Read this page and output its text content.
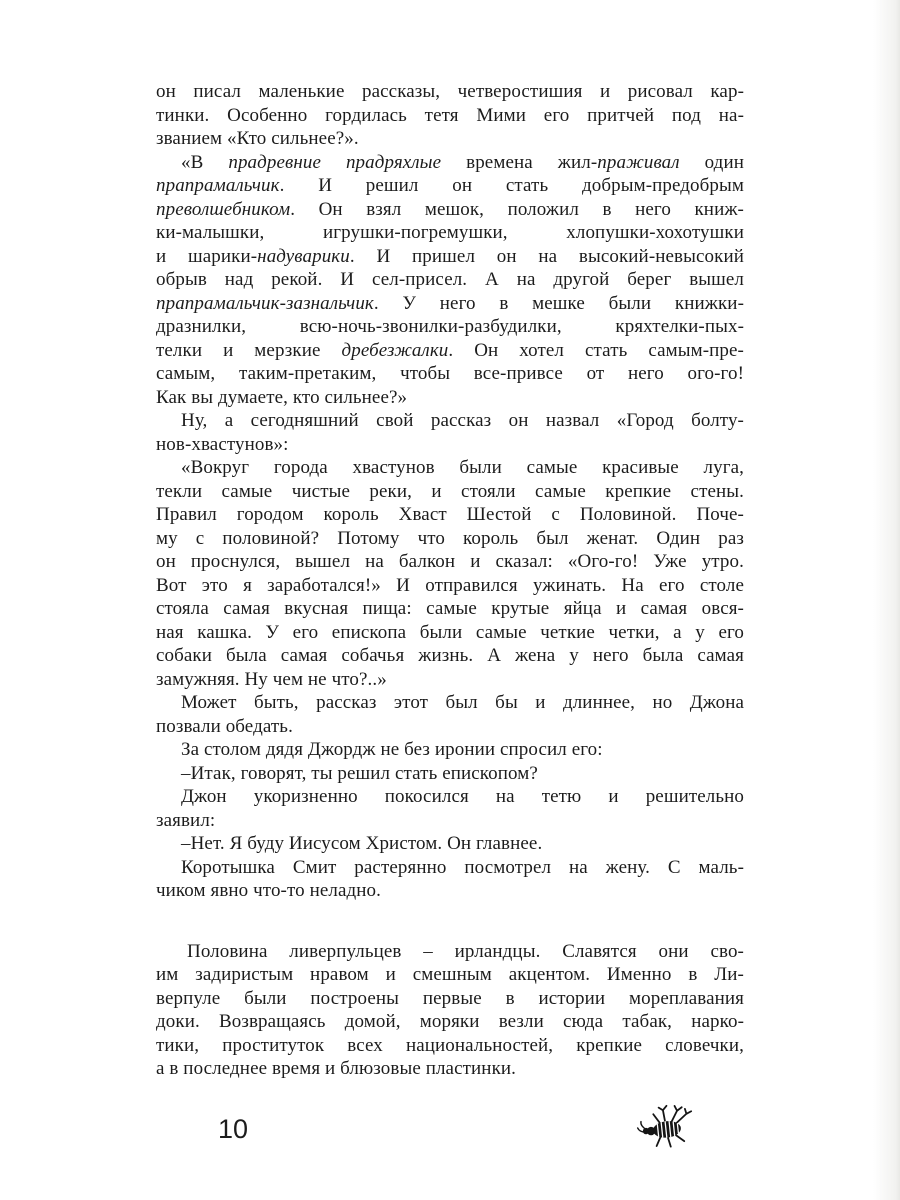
он писал маленькие рассказы, четверостишия и рисовал кар-
тинки. Особенно гордилась тетя Мими его притчей под на-
званием «Кто сильнее?».
«В прадревние прадряхлые времена жил-праживал один
прапрамальчик. И решил он стать добрым-предобрым
преволшебником. Он взял мешок, положил в него книж-
ки-малышки, игрушки-погремушки, хлопушки-хохотушки
и шарики-надуварики. И пришел он на высокий-невысокий
обрыв над рекой. И сел-присел. А на другой берег вышел
прапрамальчик-зазнальчик. У него в мешке были книжки-
дразнилки, всю-ночь-звонилки-разбудилки, кряхтелки-пых-
телки и мерзкие дребезжалки. Он хотел стать самым-пре-
самым, таким-претаким, чтобы все-привсе от него ого-го!
Как вы думаете, кто сильнее?»
Ну, а сегодняшний свой рассказ он назвал «Город болту-
нов-хвастунов»:
«Вокруг города хвастунов были самые красивые луга,
текли самые чистые реки, и стояли самые крепкие стены.
Правил городом король Хваст Шестой с Половиной. Поче-
му с половиной? Потому что король был женат. Один раз
он проснулся, вышел на балкон и сказал: «Ого-го! Уже утро.
Вот это я заработался!» И отправился ужинать. На его столе
стояла самая вкусная пища: самые крутые яйца и самая овся-
ная кашка. У его епископа были самые четкие четки, а у его
собаки была самая собачья жизнь. А жена у него была самая
замужняя. Ну чем не что?..»
Может быть, рассказ этот был бы и длиннее, но Джона
позвали обедать.
За столом дядя Джордж не без иронии спросил его:
–Итак, говорят, ты решил стать епископом?
Джон укоризненно покосился на тетю и решительно
заявил:
–Нет. Я буду Иисусом Христом. Он главнее.
Коротышка Смит растерянно посмотрел на жену. С маль-
чиком явно что-то неладно.
Половина ливерпульцев – ирландцы. Славятся они сво-
им задиристым нравом и смешным акцентом. Именно в Ли-
верпуле были построены первые в истории мореплавания
доки. Возвращаясь домой, моряки везли сюда табак, нарко-
тики, проституток всех национальностей, крепкие словечки,
а в последнее время и блюзовые пластинки.
10
